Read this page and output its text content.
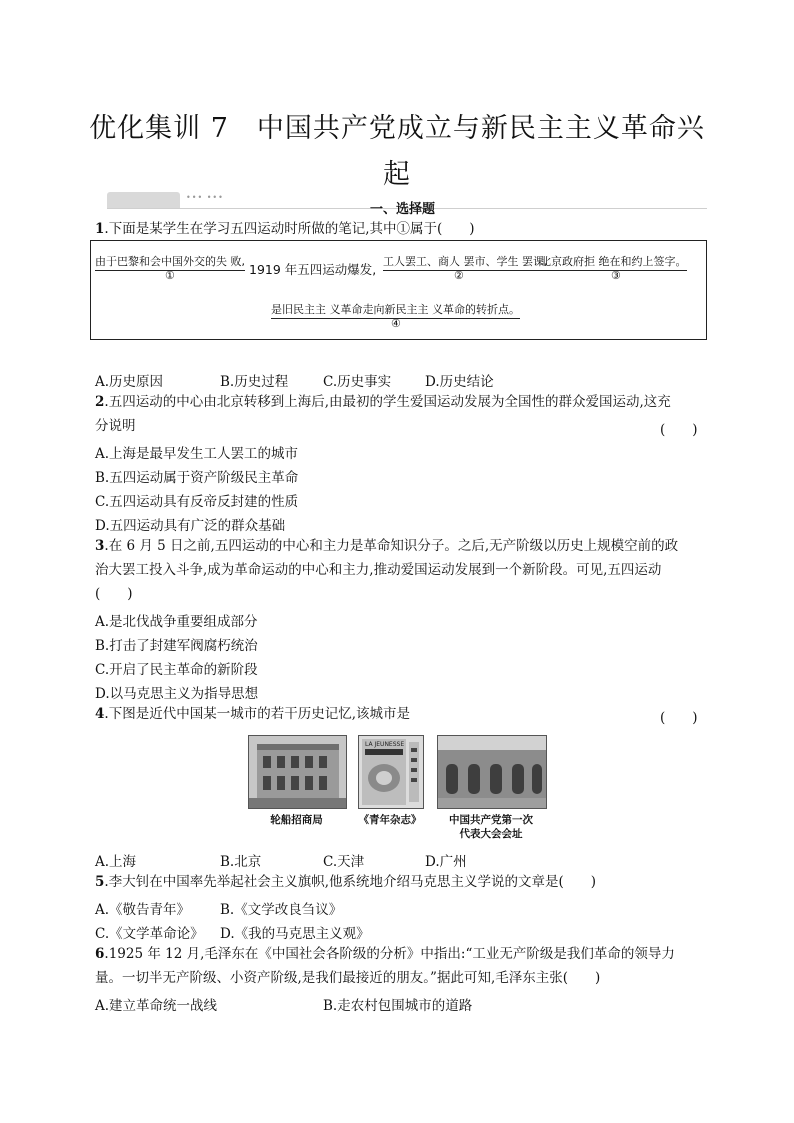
优化集训 7　中国共产党成立与新民主主义革命兴
起
••• •••
一、选择题
1.下面是某学生在学习五四运动时所做的笔记,其中①属于(　　)
由于巴黎和会中国外交的失 败,
1919 年五四运动爆发,
工人罢工、商人 罢市、学生 罢课,
北京政府拒 绝在和约上签字。
①	②	③
是旧民主主 义革命走向新民主主 义革命的转折点。
④
A.历史原因	B.历史过程	C.历史事实	D.历史结论
2.五四运动的中心由北京转移到上海后,由最初的学生爱国运动发展为全国性的群众爱国运动,这充
分说明	(　　)
A.上海是最早发生工人罢工的城市
B.五四运动属于资产阶级民主革命
C.五四运动具有反帝反封建的性质
D.五四运动具有广泛的群众基础
3.在 6 月 5 日之前,五四运动的中心和主力是革命知识分子。之后,无产阶级以历史上规模空前的政
治大罢工投入斗争,成为革命运动的中心和主力,推动爱国运动发展到一个新阶段。可见,五四运动
(　　)
A.是北伐战争重要组成部分
B.打击了封建军阀腐朽统治
C.开启了民主革命的新阶段
D.以马克思主义为指导思想
4.下图是近代中国某一城市的若干历史记忆,该城市是	(　　)
LA JEUNESSE
轮船招商局	《青年杂志》	中国共产党第一次
代表大会会址
A.上海	B.北京	C.天津	D.广州
5.李大钊在中国率先举起社会主义旗帜,他系统地介绍马克思主义学说的文章是(　　)
A.《敬告青年》 B.《文学改良刍议》
C.《文学革命论》 D.《我的马克思主义观》
6.1925 年 12 月,毛泽东在《中国社会各阶级的分析》中指出:“工业无产阶级是我们革命的领导力
量。一切半无产阶级、小资产阶级,是我们最接近的朋友。”据此可知,毛泽东主张(　　)
A.建立革命统一战线	B.走农村包围城市的道路
